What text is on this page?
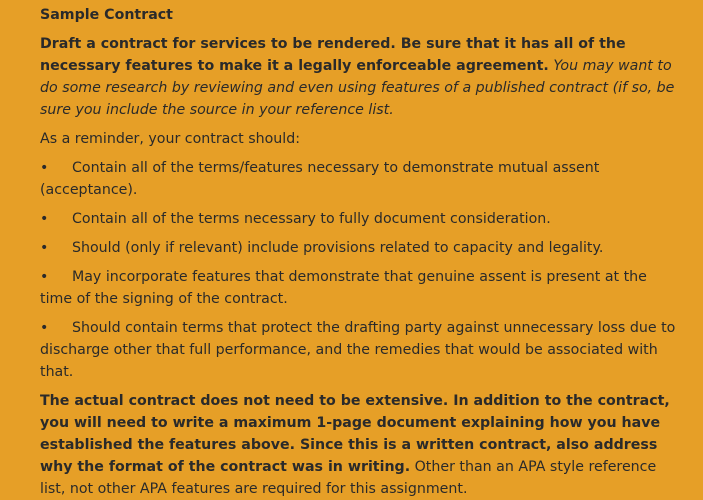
Sample Contract

Draft a contract for services to be rendered. Be sure that it has all of the necessary features to make it a legally enforceable agreement. You may want to do some research by reviewing and even using features of a published contract (if so, be sure you include the source in your reference list.

As a reminder, your contract should:

• Contain all of the terms/features necessary to demonstrate mutual assent (acceptance).
• Contain all of the terms necessary to fully document consideration.
• Should (only if relevant) include provisions related to capacity and legality.
• May incorporate features that demonstrate that genuine assent is present at the time of the signing of the contract.
• Should contain terms that protect the drafting party against unnecessary loss due to discharge other that full performance, and the remedies that would be associated with that.

The actual contract does not need to be extensive. In addition to the contract, you will need to write a maximum 1-page document explaining how you have established the features above. Since this is a written contract, also address why the format of the contract was in writing. Other than an APA style reference list, not other APA features are required for this assignment.
